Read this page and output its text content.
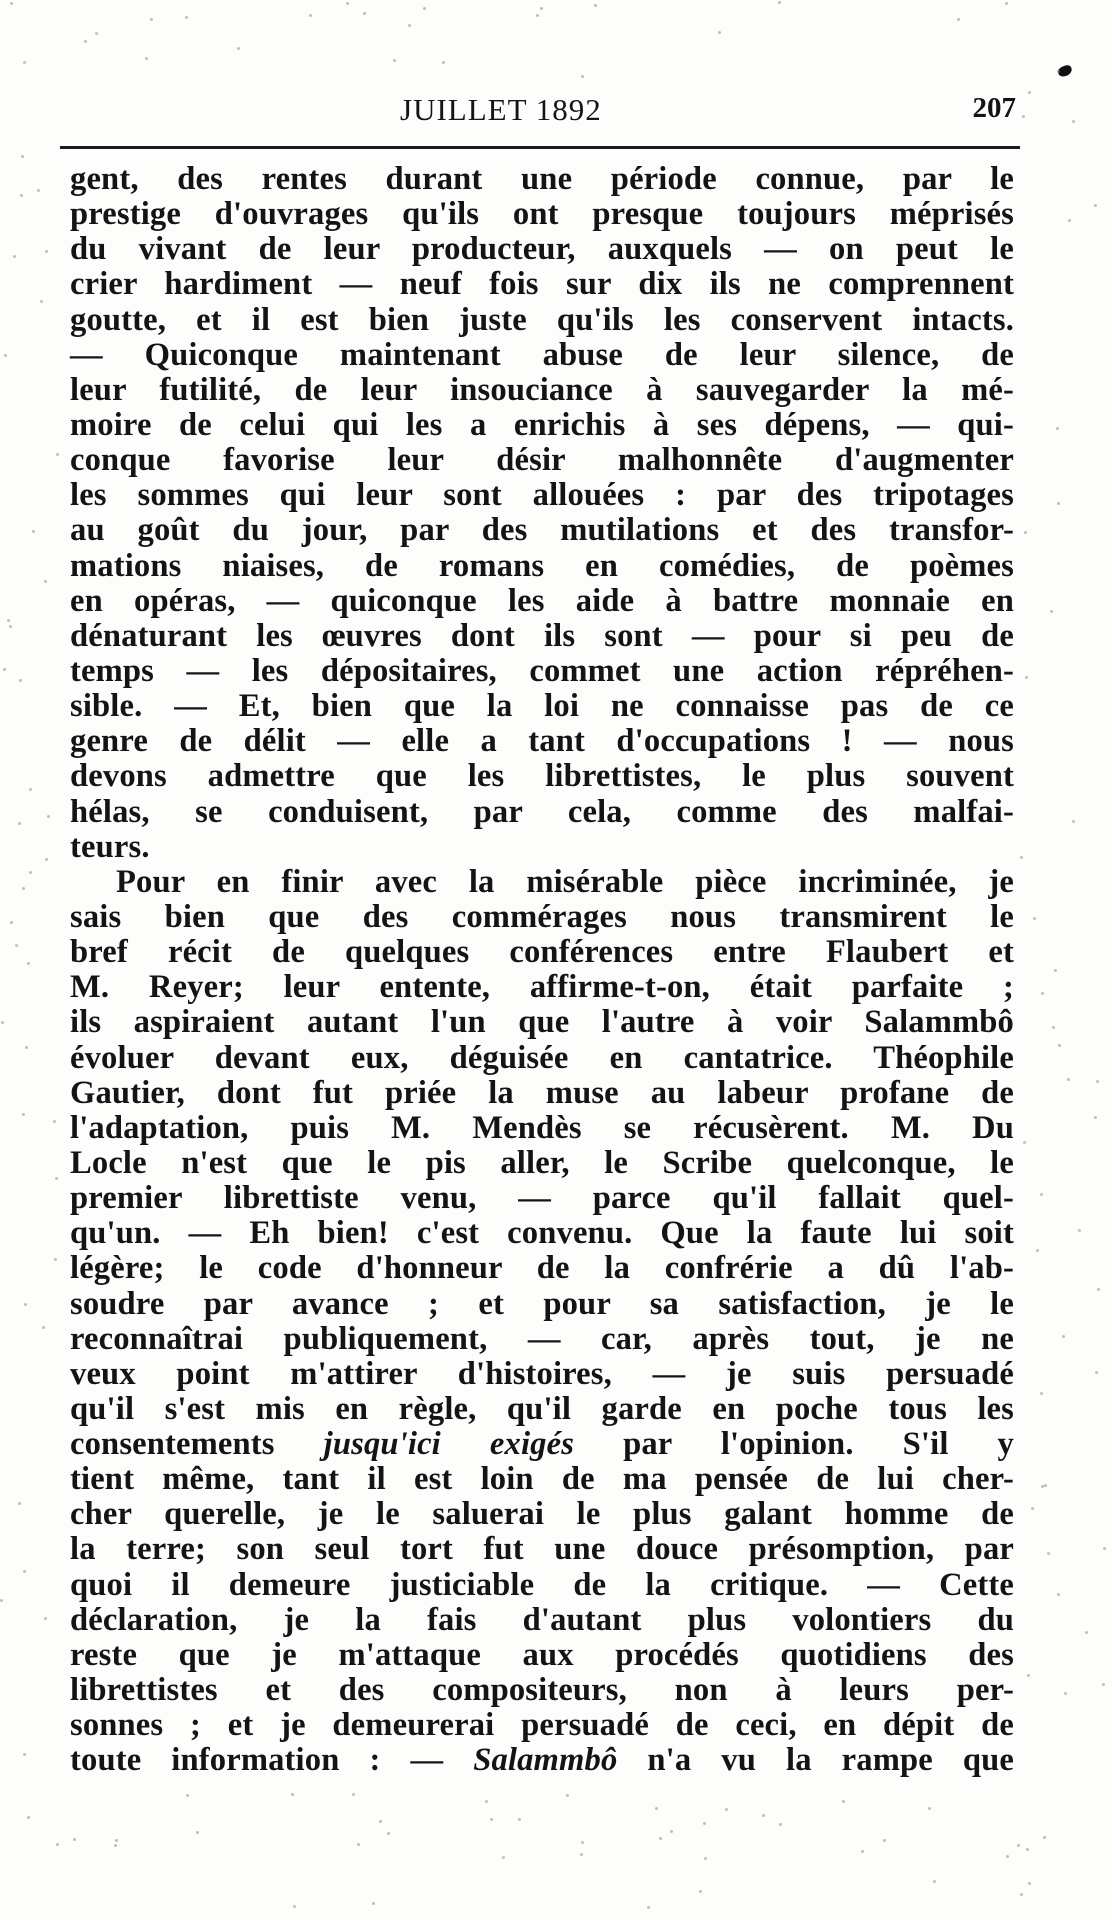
JUILLET 1892	207
gent, des rentes durant une période connue, par le
prestige d'ouvrages qu'ils ont presque toujours méprisés
du vivant de leur producteur, auxquels — on peut le
crier hardiment — neuf fois sur dix ils ne comprennent
goutte, et il est bien juste qu'ils les conservent intacts.
— Quiconque maintenant abuse de leur silence, de
leur futilité, de leur insouciance à sauvegarder la mé-
moire de celui qui les a enrichis à ses dépens, — qui-
conque favorise leur désir malhonnête d'augmenter
les sommes qui leur sont allouées : par des tripotages
au goût du jour, par des mutilations et des transfor-
mations niaises, de romans en comédies, de poèmes
en opéras, — quiconque les aide à battre monnaie en
dénaturant les œuvres dont ils sont — pour si peu de
temps — les dépositaires, commet une action répréhen-
sible. — Et, bien que la loi ne connaisse pas de ce
genre de délit — elle a tant d'occupations ! — nous
devons admettre que les librettistes, le plus souvent
hélas, se conduisent, par cela, comme des malfai-
teurs.
Pour en finir avec la misérable pièce incriminée, je
sais bien que des commérages nous transmirent le
bref récit de quelques conférences entre Flaubert et
M. Reyer; leur entente, affirme-t-on, était parfaite ;
ils aspiraient autant l'un que l'autre à voir Salammbô
évoluer devant eux, déguisée en cantatrice. Théophile
Gautier, dont fut priée la muse au labeur profane de
l'adaptation, puis M. Mendès se récusèrent. M. Du
Locle n'est que le pis aller, le Scribe quelconque, le
premier librettiste venu, — parce qu'il fallait quel-
qu'un. — Eh bien! c'est convenu. Que la faute lui soit
légère; le code d'honneur de la confrérie a dû l'ab-
soudre par avance ; et pour sa satisfaction, je le
reconnaîtrai publiquement, — car, après tout, je ne
veux point m'attirer d'histoires, — je suis persuadé
qu'il s'est mis en règle, qu'il garde en poche tous les
consentements jusqu'ici exigés par l'opinion. S'il y
tient même, tant il est loin de ma pensée de lui cher-
cher querelle, je le saluerai le plus galant homme de
la terre; son seul tort fut une douce présomption, par
quoi il demeure justiciable de la critique. — Cette
déclaration, je la fais d'autant plus volontiers du
reste que je m'attaque aux procédés quotidiens des
librettistes et des compositeurs, non à leurs per-
sonnes ; et je demeurerai persuadé de ceci, en dépit de
toute information : — Salammbô n'a vu la rampe que
